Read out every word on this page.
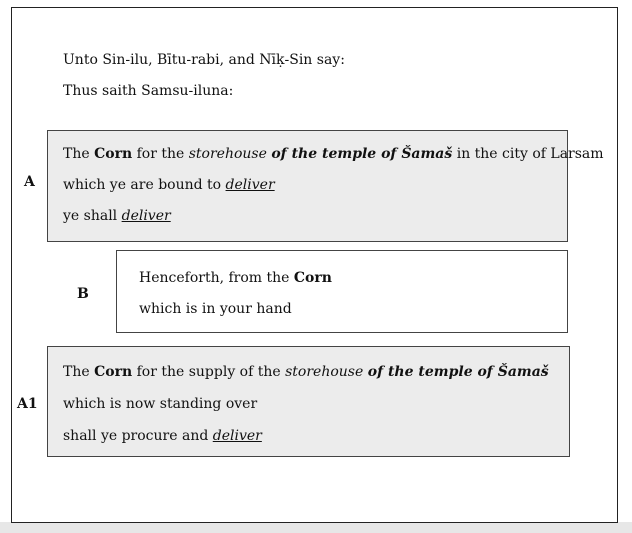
Unto Sin-ilu, Bītu-rabi, and Nīḳ-Sin say:
Thus saith Samsu-iluna:
A
The Corn for the storehouse of the temple of Šamaš in the city of Larsam
which ye are bound to deliver
ye shall deliver
B
Henceforth, from the Corn
which is in your hand
A1
The Corn for the supply of the storehouse of the temple of Šamaš
which is now standing over
shall ye procure and deliver
